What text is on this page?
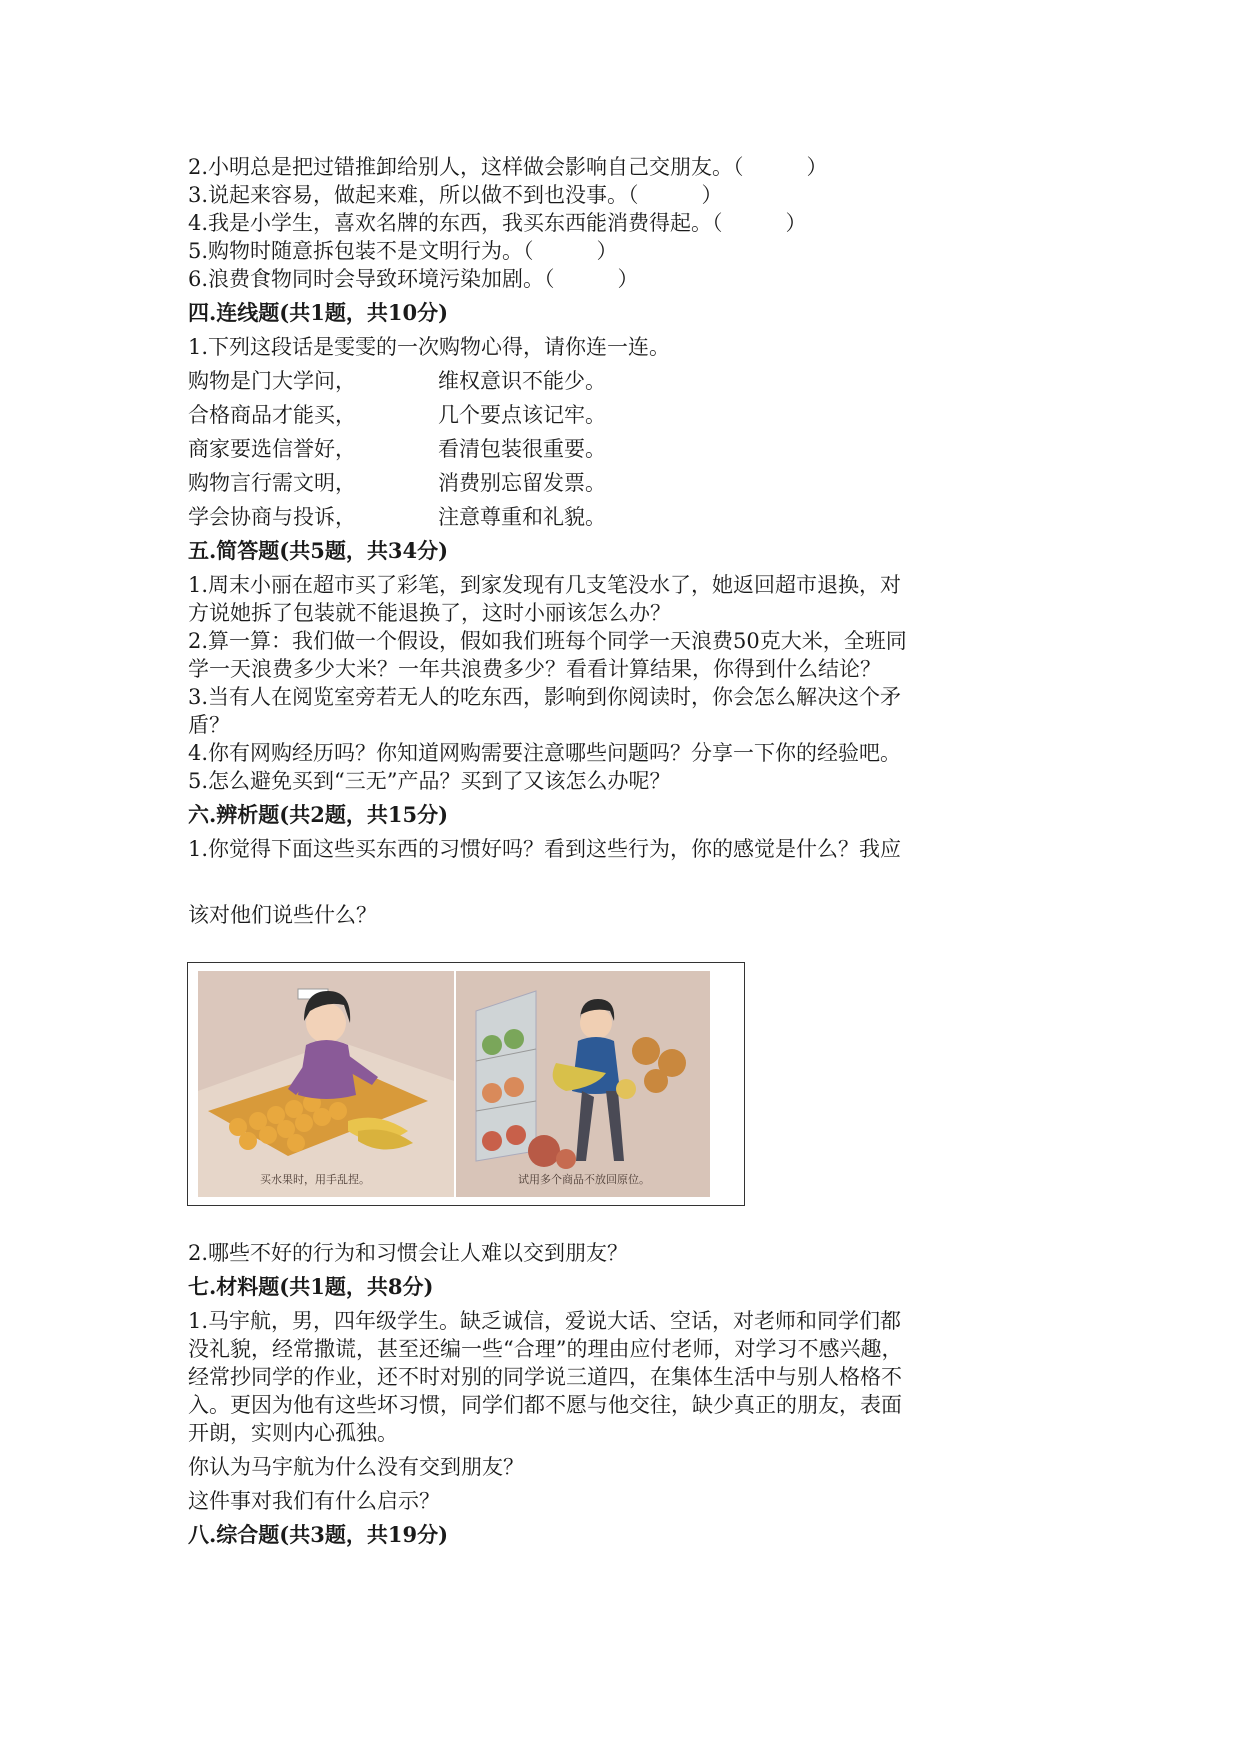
2.小明总是把过错推卸给别人，这样做会影响自己交朋友。（　　　）
3.说起来容易，做起来难，所以做不到也没事。（　　　）
4.我是小学生，喜欢名牌的东西，我买东西能消费得起。（　　　）
5.购物时随意拆包装不是文明行为。（　　　）
6.浪费食物同时会导致环境污染加剧。（　　　）
四.连线题(共1题，共10分)
1.下列这段话是雯雯的一次购物心得，请你连一连。
购物是门大学问，	维权意识不能少。
合格商品才能买，	几个要点该记牢。
商家要选信誉好，	看清包装很重要。
购物言行需文明，	消费别忘留发票。
学会协商与投诉，	注意尊重和礼貌。
五.简答题(共5题，共34分)
1.周末小丽在超市买了彩笔，到家发现有几支笔没水了，她返回超市退换，对
方说她拆了包装就不能退换了，这时小丽该怎么办？
2.算一算：我们做一个假设，假如我们班每个同学一天浪费50克大米，全班同
学一天浪费多少大米？一年共浪费多少？看看计算结果，你得到什么结论？
3.当有人在阅览室旁若无人的吃东西，影响到你阅读时，你会怎么解决这个矛
盾？
4.你有网购经历吗？你知道网购需要注意哪些问题吗？分享一下你的经验吧。
5.怎么避免买到“三无”产品？买到了又该怎么办呢？
六.辨析题(共2题，共15分)
1.你觉得下面这些买东西的习惯好吗？看到这些行为，你的感觉是什么？我应
该对他们说些什么？
买水果时，用手乱捏。	试用多个商品不放回原位。
2.哪些不好的行为和习惯会让人难以交到朋友？
七.材料题(共1题，共8分)
1.马宇航，男，四年级学生。缺乏诚信，爱说大话、空话，对老师和同学们都
没礼貌，经常撒谎，甚至还编一些“合理”的理由应付老师，对学习不感兴趣，
经常抄同学的作业，还不时对别的同学说三道四，在集体生活中与别人格格不
入。更因为他有这些坏习惯，同学们都不愿与他交往，缺少真正的朋友，表面
开朗，实则内心孤独。
你认为马宇航为什么没有交到朋友？
这件事对我们有什么启示？
八.综合题(共3题，共19分)
